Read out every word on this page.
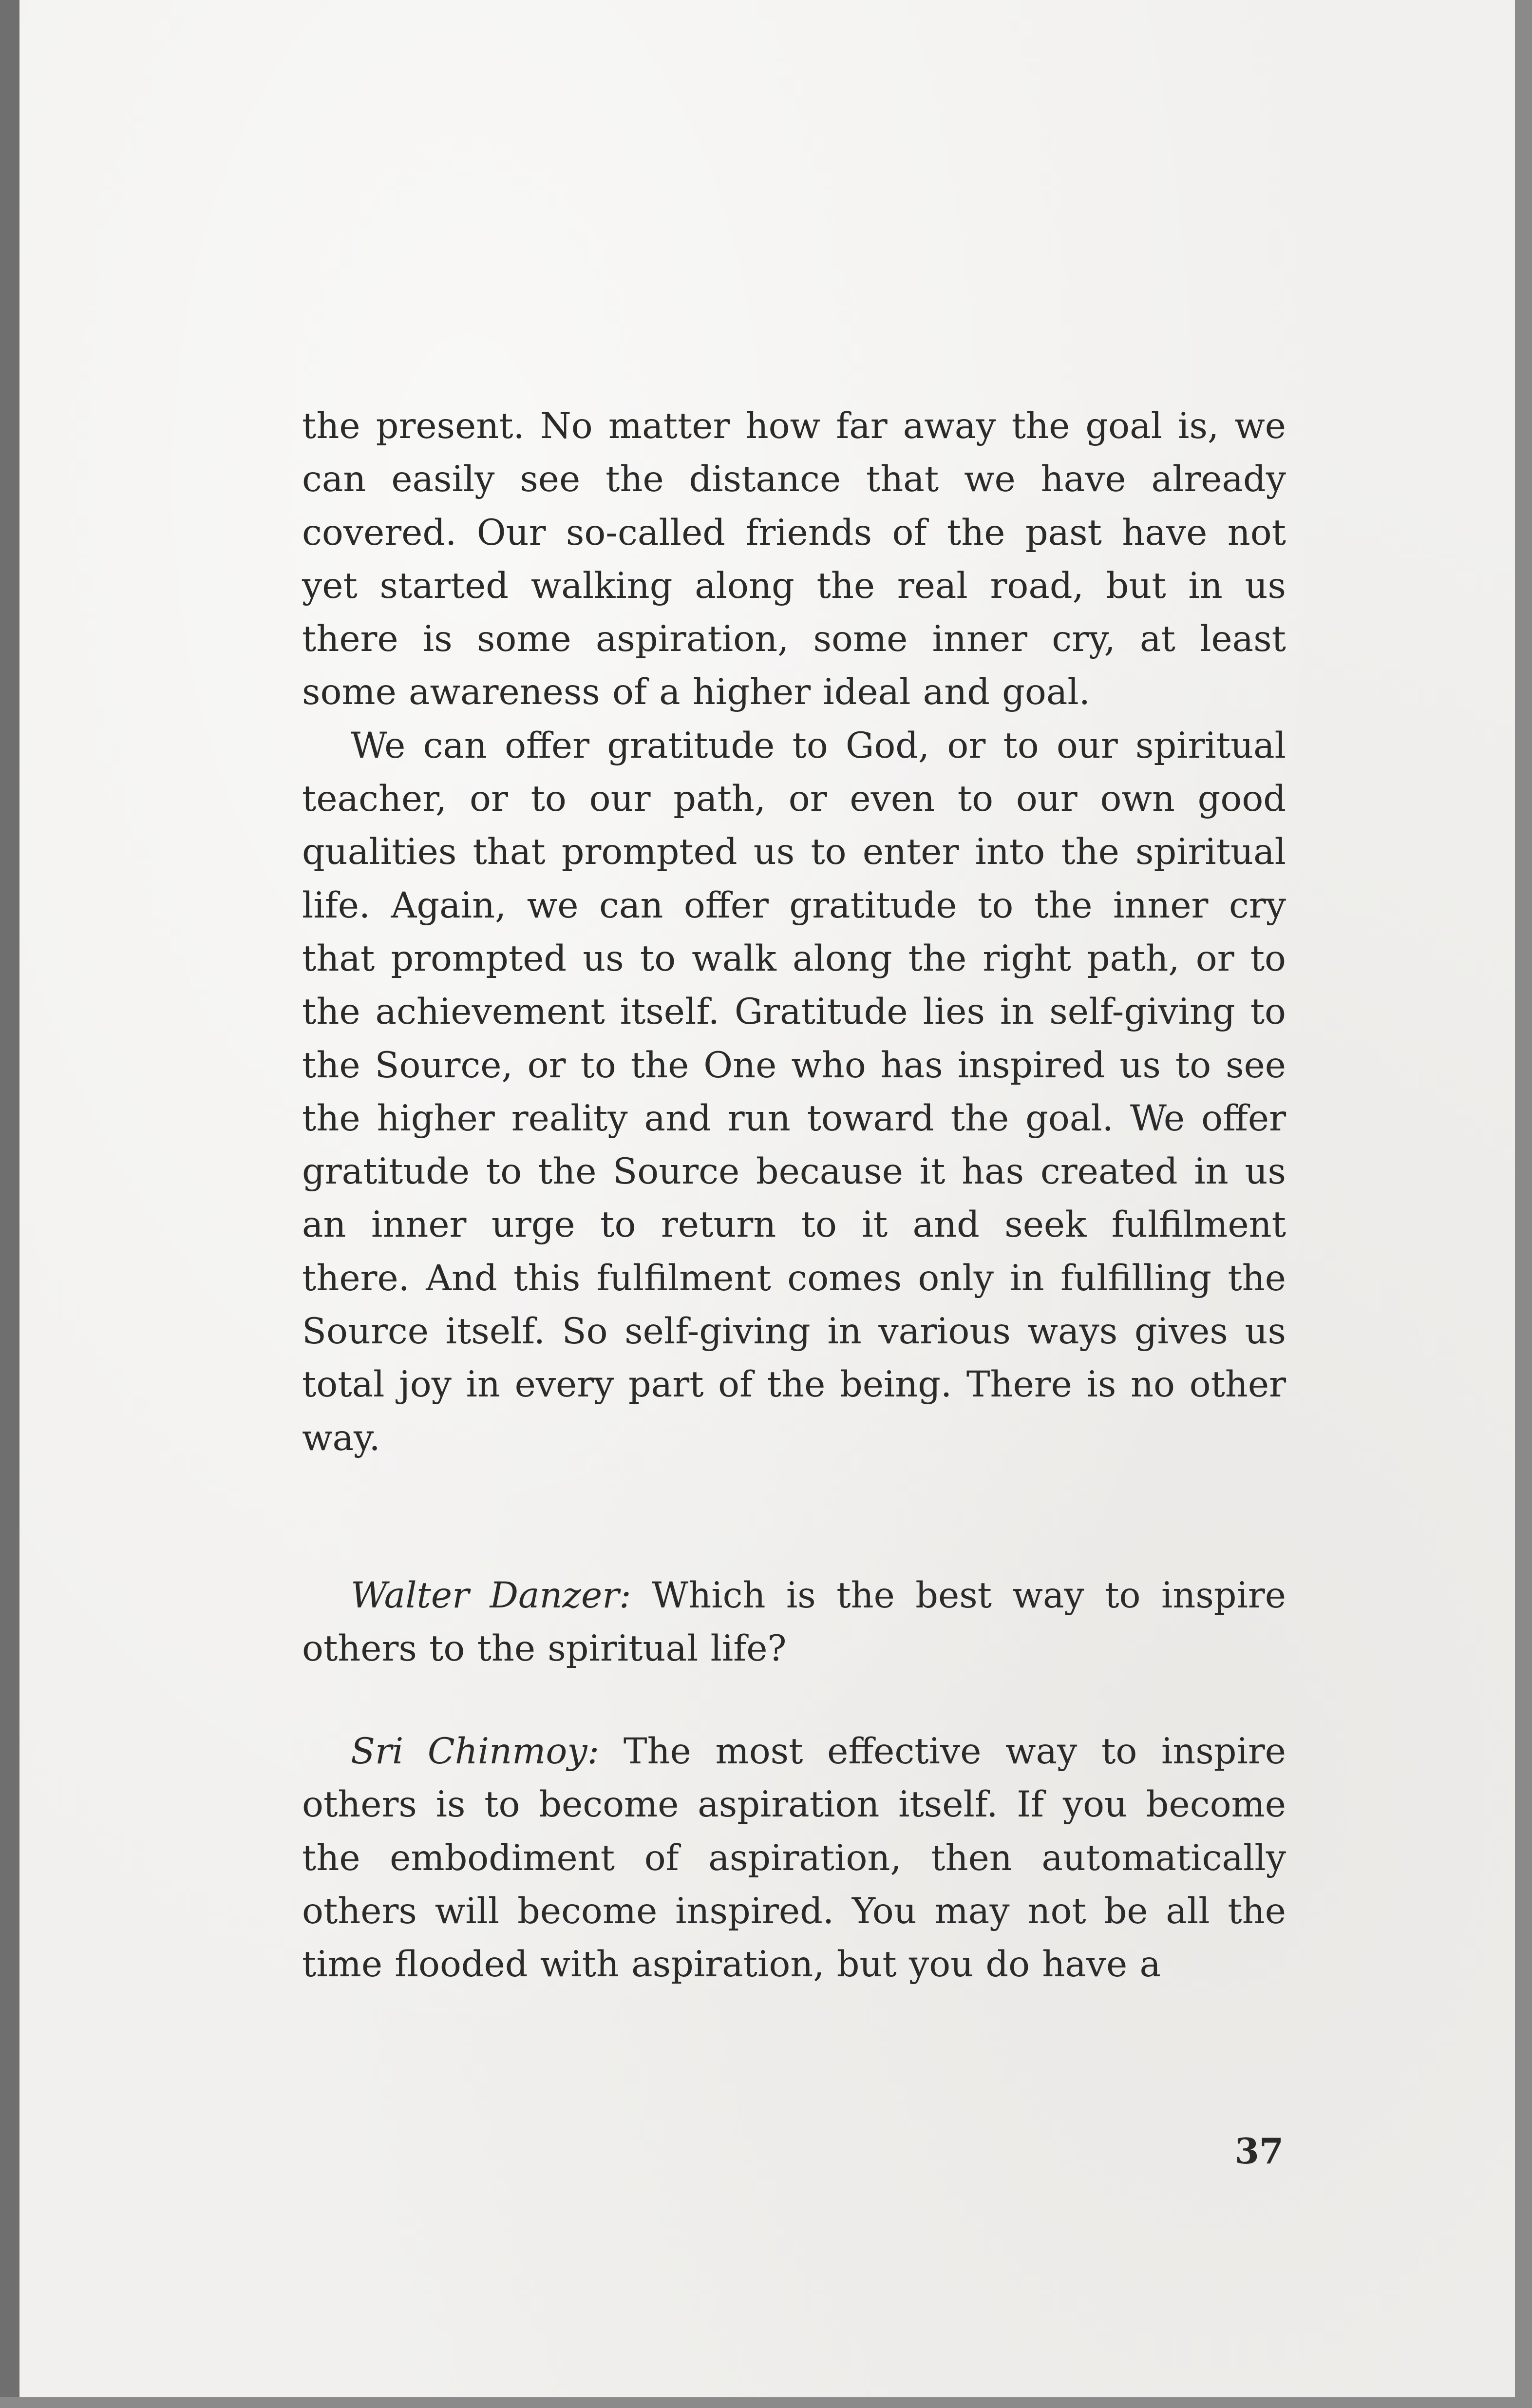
the present. No matter how far away the goal is, we can easily see the distance that we have already covered. Our so-called friends of the past have not yet started walking along the real road, but in us there is some aspiration, some inner cry, at least some awareness of a higher ideal and goal.

We can offer gratitude to God, or to our spiritual teacher, or to our path, or even to our own good qualities that prompted us to enter into the spiritual life. Again, we can offer gratitude to the inner cry that prompted us to walk along the right path, or to the achievement itself. Gratitude lies in self-giving to the Source, or to the One who has inspired us to see the higher reality and run toward the goal. We offer gratitude to the Source because it has created in us an inner urge to return to it and seek fulfilment there. And this fulfilment comes only in fulfilling the Source itself. So self-giving in various ways gives us total joy in every part of the being. There is no other way.

Walter Danzer: Which is the best way to inspire others to the spiritual life?

Sri Chinmoy: The most effective way to inspire others is to become aspiration itself. If you become the embodiment of aspiration, then automatically others will become inspired. You may not be all the time flooded with aspiration, but you do have a

37
